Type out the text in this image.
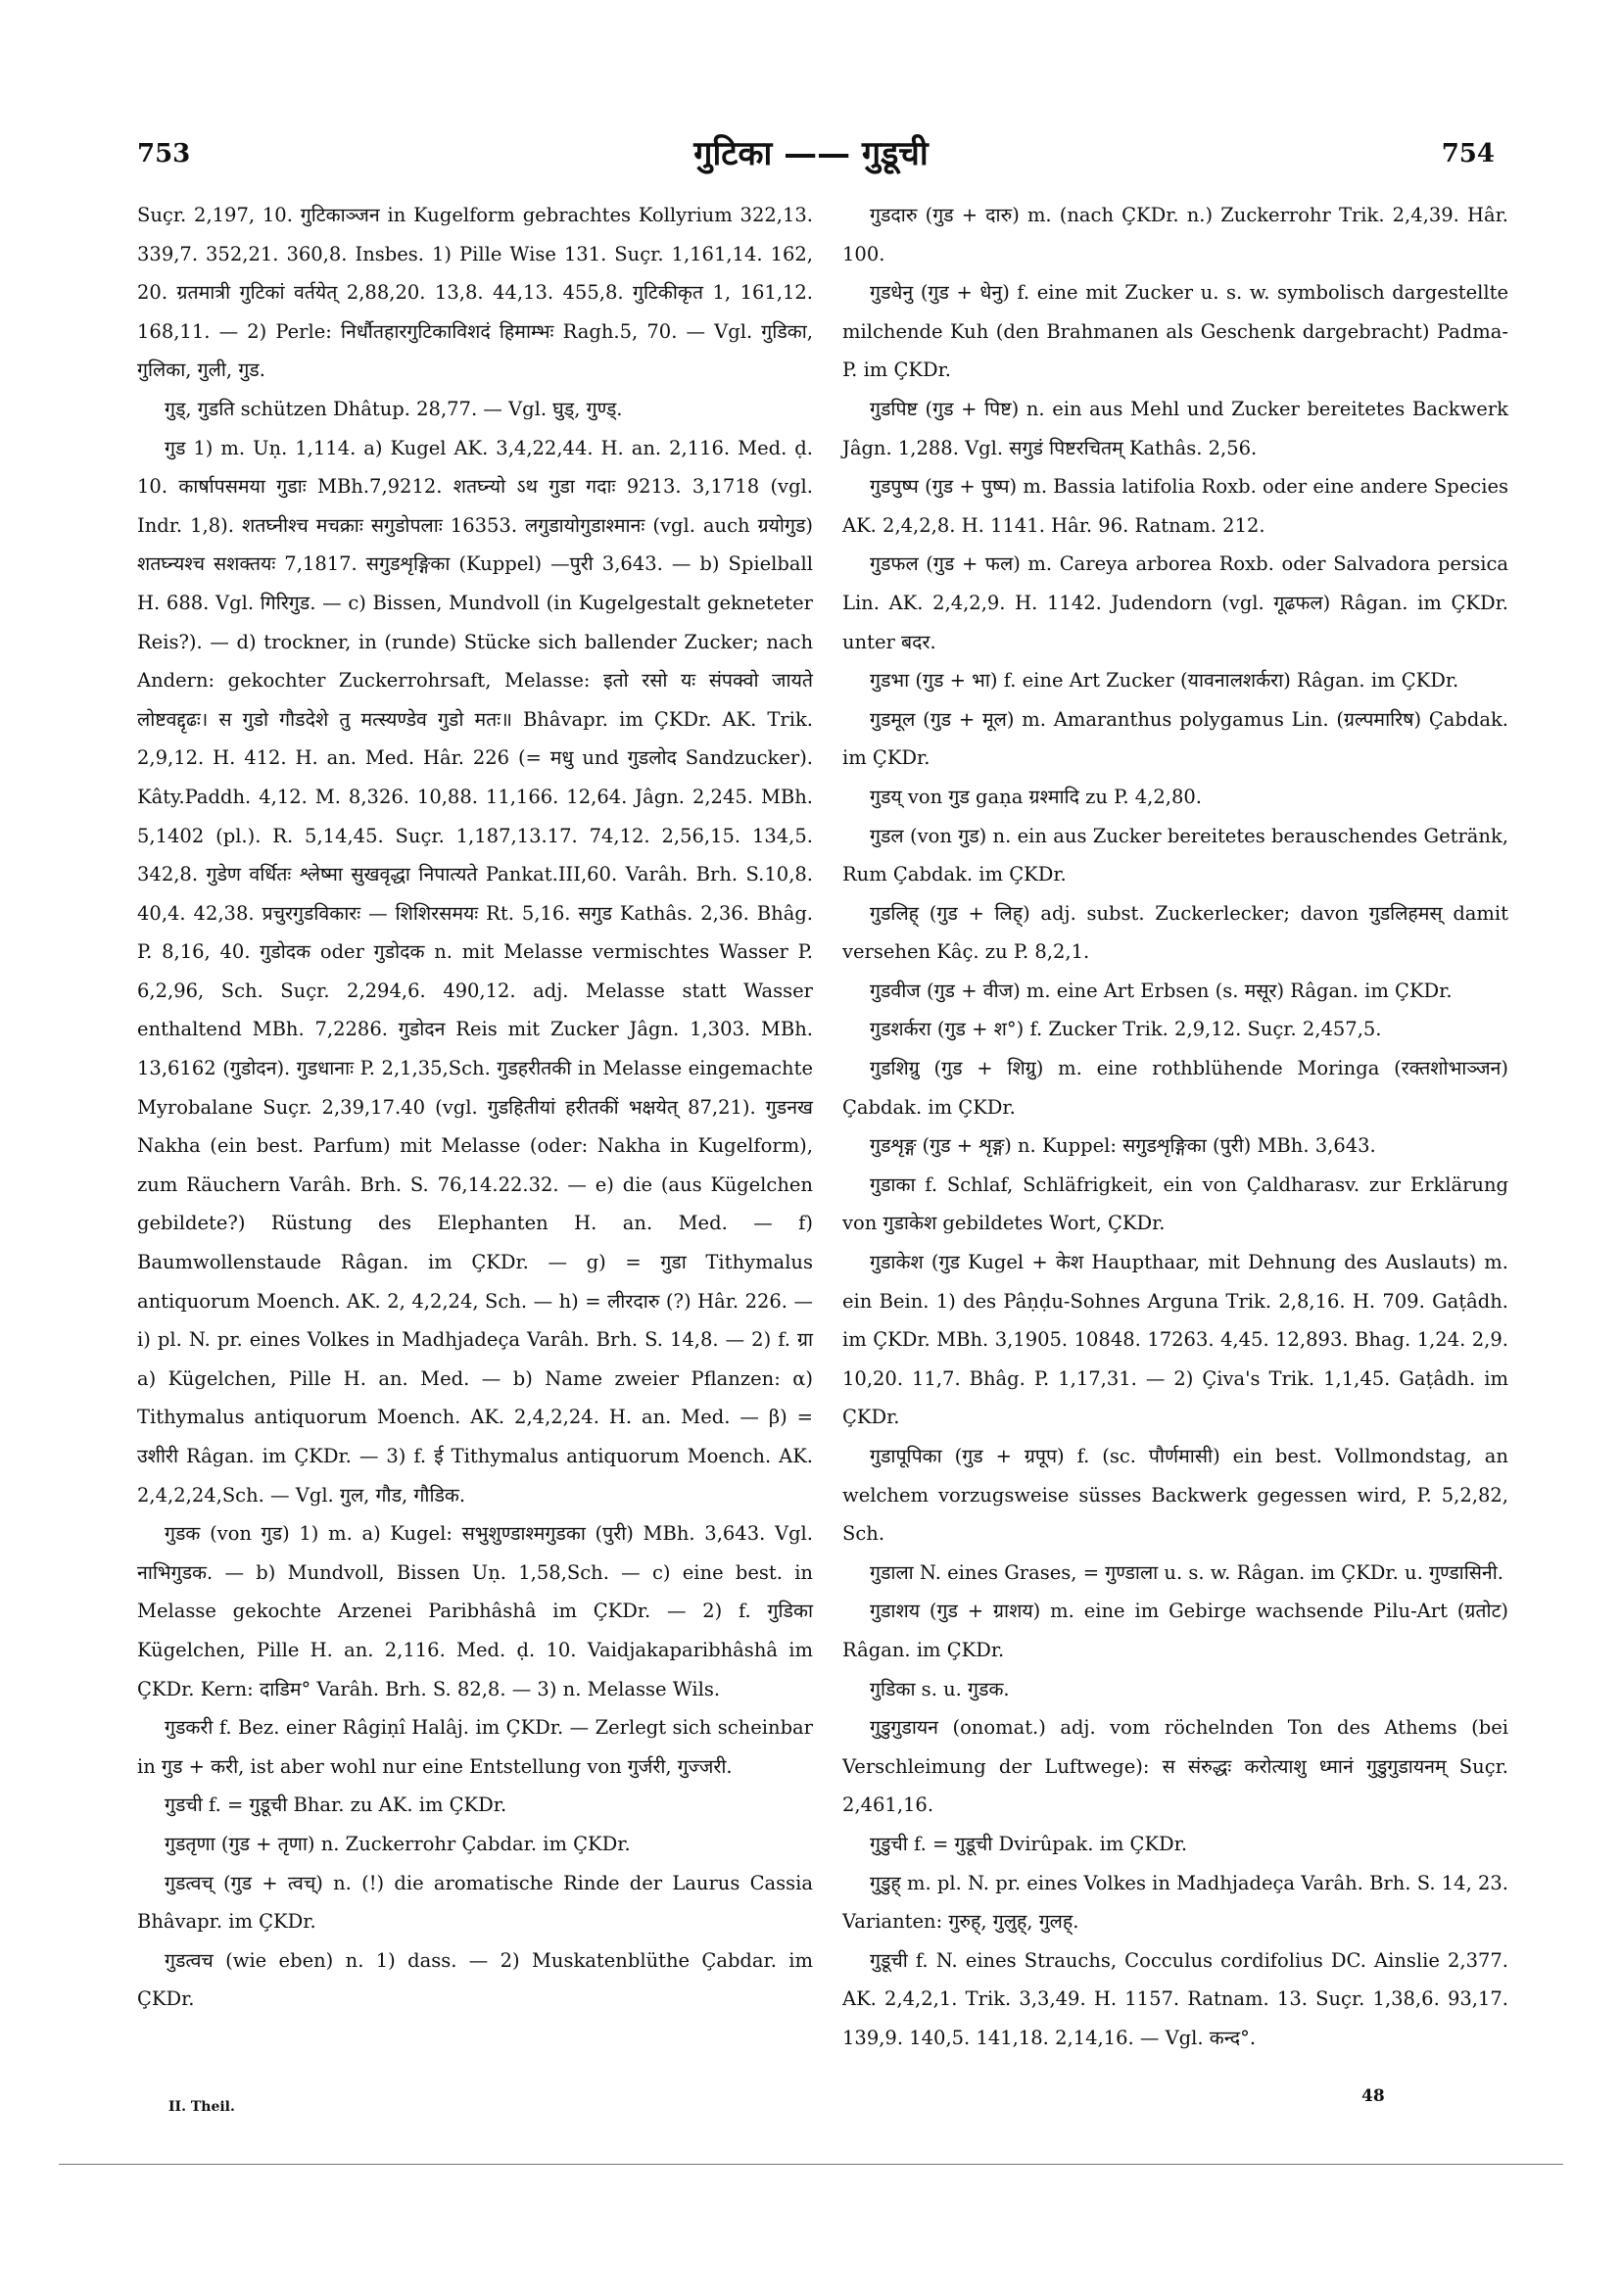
753	गुटिका —— गुडूची	754

Suçr. 2,197, 10. गुटिकाञ्जन in Kugelform gebrachtes Kollyrium 322,13. 339,7. 352,21. 360,8. Insbes. 1) Pille Wise 131. Suçr. 1,161,14. 162, 20. ग्रतमात्री गुटिकां वर्तयेत् 2,88,20. 13,8. 44,13. 455,8. गुटिकीकृत 1, 161,12. 168,11. — 2) Perle: निर्धौतहारगुटिकाविशदं हिमाम्भः Ragh.5, 70. — Vgl. गुडिका, गुलिका, गुली, गुड.

गुड्, गुडति schützen Dhâtup. 28,77. — Vgl. घुड्, गुण्ड्.

गुड 1) m. Uṇ. 1,114. a) Kugel AK. 3,4,22,44. H. an. 2,116. Med. ḍ. 10. कार्षापसमया गुडाः MBh.7,9212. शतघ्न्यो ऽथ गुडा गदाः 9213. 3,1718 (vgl. Indr. 1,8). शतघ्नीश्च मचक्राः सगुडोपलाः 16353. लगुडायोगुडाश्मानः (vgl. auch ग्रयोगुड) शतघ्न्यश्च सशक्तयः 7,1817. सगुडशृङ्गिका (Kuppel) —पुरी 3,643. — b) Spielball H. 688. Vgl. गिरिगुड. — c) Bissen, Mundvoll (in Kugelgestalt gekneteter Reis?). — d) trockner, in (runde) Stücke sich ballender Zucker; nach Andern: gekochter Zuckerrohrsaft, Melasse: इतो रसो यः संपक्वो जायते लोष्टवद्दृढः। स गुडो गौडदेशे तु मत्स्यण्डेव गुडो मतः॥ Bhâvapr. im ÇKDr. AK. Trik. 2,9,12. H. 412. H. an. Med. Hâr. 226 (= मधु und गुडलोद Sandzucker). Kâty.Paddh. 4,12. M. 8,326. 10,88. 11,166. 12,64. Jâgn. 2,245. MBh. 5,1402 (pl.). R. 5,14,45. Suçr. 1,187,13.17. 74,12. 2,56,15. 134,5. 342,8. गुडेण वर्धितः श्लेष्मा सुखवृद्धा निपात्यते Pankat.III,60. Varâh. Brh. S.10,8. 40,4. 42,38. प्रचुरगुडविकारः — शिशिरसमयः Rt. 5,16. सगुड Kathâs. 2,36. Bhâg. P. 8,16, 40. गुडोदक oder गुडोदक n. mit Melasse vermischtes Wasser P. 6,2,96, Sch. Suçr. 2,294,6. 490,12. adj. Melasse statt Wasser enthaltend MBh. 7,2286. गुडोदन Reis mit Zucker Jâgn. 1,303. MBh. 13,6162 (गुडोदन). गुडधानाः P. 2,1,35,Sch. गुडहरीतकी in Melasse eingemachte Myrobalane Suçr. 2,39,17.40 (vgl. गुडहितीयां हरीतकीं भक्षयेत् 87,21). गुडनख Nakha (ein best. Parfum) mit Melasse (oder: Nakha in Kugelform), zum Räuchern Varâh. Brh. S. 76,14.22.32. — e) die (aus Kügelchen gebildete?) Rüstung des Elephanten H. an. Med. — f) Baumwollenstaude Râgan. im ÇKDr. — g) = गुडा Tithymalus antiquorum Moench. AK. 2, 4,2,24, Sch. — h) = लीरदारु (?) Hâr. 226. — i) pl. N. pr. eines Volkes in Madhjadeça Varâh. Brh. S. 14,8. — 2) f. ग्रा a) Kügelchen, Pille H. an. Med. — b) Name zweier Pflanzen: α) Tithymalus antiquorum Moench. AK. 2,4,2,24. H. an. Med. — β) = उशीरी Râgan. im ÇKDr. — 3) f. ई Tithymalus antiquorum Moench. AK. 2,4,2,24,Sch. — Vgl. गुल, गौड, गौडिक.

गुडक (von गुड) 1) m. a) Kugel: सभुशुण्डाश्मगुडका (पुरी) MBh. 3,643. Vgl. नाभिगुडक. — b) Mundvoll, Bissen Uṇ. 1,58,Sch. — c) eine best. in Melasse gekochte Arzenei Paribhâshâ im ÇKDr. — 2) f. गुडिका Kügelchen, Pille H. an. 2,116. Med. ḍ. 10. Vaidjakaparibhâshâ im ÇKDr. Kern: दाडिम° Varâh. Brh. S. 82,8. — 3) n. Melasse Wils.

गुडकरी f. Bez. einer Râgiṇî Halâj. im ÇKDr. — Zerlegt sich scheinbar in गुड + करी, ist aber wohl nur eine Entstellung von गुर्जरी, गुज्जरी.

गुडची f. = गुडूची Bhar. zu AK. im ÇKDr.

गुडतृणा (गुड + तृणा) n. Zuckerrohr Çabdar. im ÇKDr.

गुडत्वच् (गुड + त्वच्) n. (!) die aromatische Rinde der Laurus Cassia Bhâvapr. im ÇKDr.

गुडत्वच (wie eben) n. 1) dass. — 2) Muskatenblüthe Çabdar. im ÇKDr.

गुडदारु (गुड + दारु) m. (nach ÇKDr. n.) Zuckerrohr Trik. 2,4,39. Hâr. 100.

गुडधेनु (गुड + धेनु) f. eine mit Zucker u. s. w. symbolisch dargestellte milchende Kuh (den Brahmanen als Geschenk dargebracht) Padma-P. im ÇKDr.

गुडपिष्ट (गुड + पिष्ट) n. ein aus Mehl und Zucker bereitetes Backwerk Jâgn. 1,288. Vgl. सगुडं पिष्टरचितम् Kathâs. 2,56.

गुडपुष्प (गुड + पुष्प) m. Bassia latifolia Roxb. oder eine andere Species AK. 2,4,2,8. H. 1141. Hâr. 96. Ratnam. 212.

गुडफल (गुड + फल) m. Careya arborea Roxb. oder Salvadora persica Lin. AK. 2,4,2,9. H. 1142. Judendorn (vgl. गूढफल) Râgan. im ÇKDr. unter बदर.

गुडभा (गुड + भा) f. eine Art Zucker (यावनालशर्करा) Râgan. im ÇKDr.

गुडमूल (गुड + मूल) m. Amaranthus polygamus Lin. (ग्रल्पमारिष) Çabdak. im ÇKDr.

गुडय् von गुड gaṇa ग्रश्मादि zu P. 4,2,80.

गुडल (von गुड) n. ein aus Zucker bereitetes berauschendes Getränk, Rum Çabdak. im ÇKDr.

गुडलिह् (गुड + लिह्) adj. subst. Zuckerlecker; davon गुडलिहमस् damit versehen Kâç. zu P. 8,2,1.

गुडवीज (गुड + वीज) m. eine Art Erbsen (s. मसूर) Râgan. im ÇKDr.

गुडशर्करा (गुड + श°) f. Zucker Trik. 2,9,12. Suçr. 2,457,5.

गुडशिग्रु (गुड + शिग्रु) m. eine rothblühende Moringa (रक्तशोभाञ्जन) Çabdak. im ÇKDr.

गुडशृङ्ग (गुड + शृङ्ग) n. Kuppel: सगुडशृङ्गिका (पुरी) MBh. 3,643.

गुडाका f. Schlaf, Schläfrigkeit, ein von Çaldharasv. zur Erklärung von गुडाकेश gebildetes Wort, ÇKDr.

गुडाकेश (गुड Kugel + केश Haupthaar, mit Dehnung des Auslauts) m. ein Bein. 1) des Pâṇḍu-Sohnes Arguna Trik. 2,8,16. H. 709. Gaṭâdh. im ÇKDr. MBh. 3,1905. 10848. 17263. 4,45. 12,893. Bhag. 1,24. 2,9. 10,20. 11,7. Bhâg. P. 1,17,31. — 2) Çiva's Trik. 1,1,45. Gaṭâdh. im ÇKDr.

गुडापूपिका (गुड + ग्रपूप) f. (sc. पौर्णमासी) ein best. Vollmondstag, an welchem vorzugsweise süsses Backwerk gegessen wird, P. 5,2,82, Sch.

गुडाला N. eines Grases, = गुण्डाला u. s. w. Râgan. im ÇKDr. u. गुण्डासिनी.

गुडाशय (गुड + ग्राशय) m. eine im Gebirge wachsende Pilu-Art (ग्रतोट) Râgan. im ÇKDr.

गुडिका s. u. गुडक.

गुडुगुडायन (onomat.) adj. vom röchelnden Ton des Athems (bei Verschleimung der Luftwege): स संरुद्धः करोत्याशु ध्मानं गुडुगुडायनम् Suçr. 2,461,16.

गुडुची f. = गुडूची Dvirûpak. im ÇKDr.

गुडुह् m. pl. N. pr. eines Volkes in Madhjadeça Varâh. Brh. S. 14, 23. Varianten: गुरुह्, गुलुह्, गुलह्.

गुडूची f. N. eines Strauchs, Cocculus cordifolius DC. Ainslie 2,377. AK. 2,4,2,1. Trik. 3,3,49. H. 1157. Ratnam. 13. Suçr. 1,38,6. 93,17. 139,9. 140,5. 141,18. 2,14,16. — Vgl. कन्द°.

II. Theil.
48
